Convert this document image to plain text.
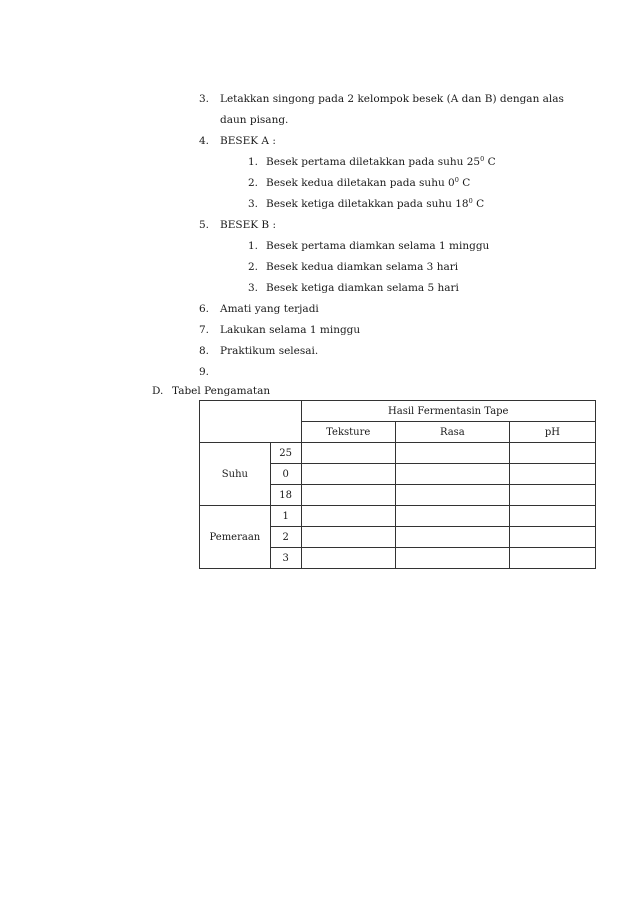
3. Letakkan singong pada 2 kelompok besek (A dan B) dengan alas
daun pisang.
4. BESEK A :
1. Besek pertama diletakkan pada suhu $25^0$ C
2. Besek kedua diletakan pada suhu $0^0$ C
3. Besek ketiga diletakkan pada suhu $18^0$ C
5. BESEK B :
1. Besek pertama diamkan selama 1 minggu
2. Besek kedua diamkan selama 3 hari
3. Besek ketiga diamkan selama 5 hari
6. Amati yang terjadi
7. Lakukan selama 1 minggu
8. Praktikum selesai.
9.
D. Tabel Pengamatan
		Hasil Fermentasin Tape		
		Teksture	Rasa	pH
Suhu	25			
	0			
	18			
Pemeraan	1			
	2			
	3			
